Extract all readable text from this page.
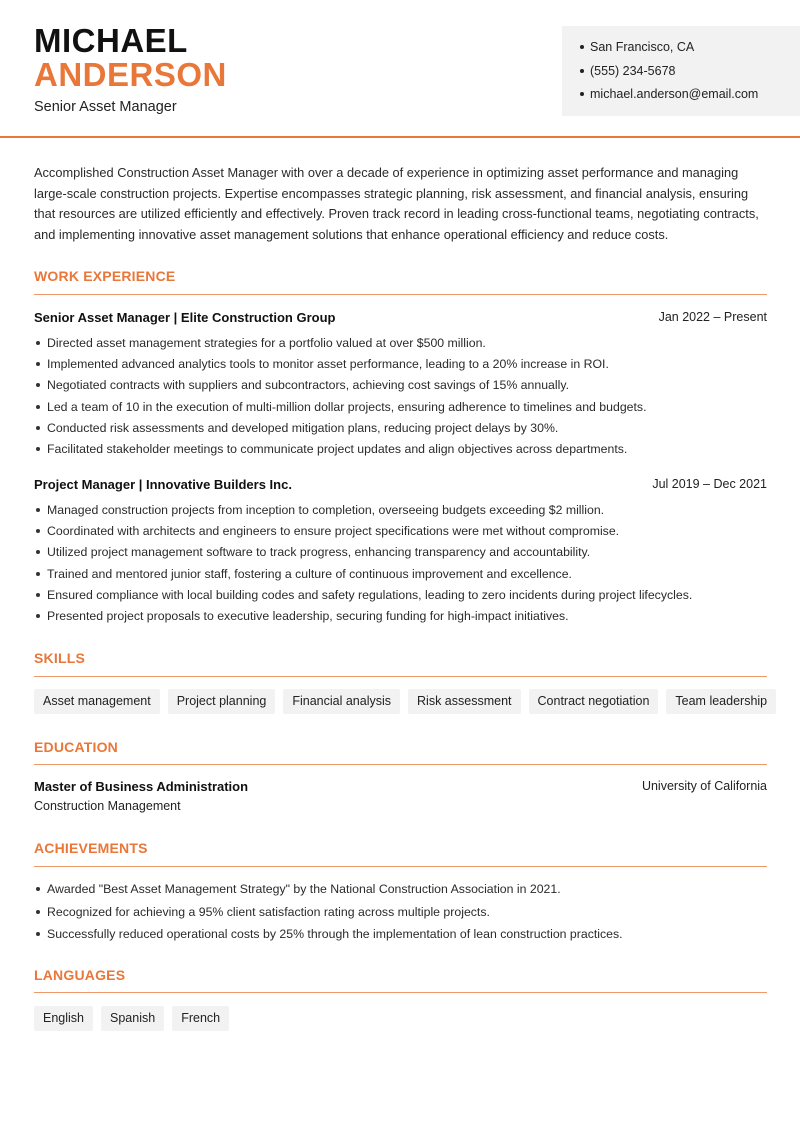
MICHAEL
ANDERSON
Senior Asset Manager
San Francisco, CA
(555) 234-5678
michael.anderson@email.com

Accomplished Construction Asset Manager with over a decade of experience in optimizing asset performance and managing large-scale construction projects. Expertise encompasses strategic planning, risk assessment, and financial analysis, ensuring that resources are utilized efficiently and effectively. Proven track record in leading cross-functional teams, negotiating contracts, and implementing innovative asset management solutions that enhance operational efficiency and reduce costs.

WORK EXPERIENCE
Senior Asset Manager | Elite Construction Group	Jan 2022 – Present
Directed asset management strategies for a portfolio valued at over $500 million.
Implemented advanced analytics tools to monitor asset performance, leading to a 20% increase in ROI.
Negotiated contracts with suppliers and subcontractors, achieving cost savings of 15% annually.
Led a team of 10 in the execution of multi-million dollar projects, ensuring adherence to timelines and budgets.
Conducted risk assessments and developed mitigation plans, reducing project delays by 30%.
Facilitated stakeholder meetings to communicate project updates and align objectives across departments.
Project Manager | Innovative Builders Inc.	Jul 2019 – Dec 2021
Managed construction projects from inception to completion, overseeing budgets exceeding $2 million.
Coordinated with architects and engineers to ensure project specifications were met without compromise.
Utilized project management software to track progress, enhancing transparency and accountability.
Trained and mentored junior staff, fostering a culture of continuous improvement and excellence.
Ensured compliance with local building codes and safety regulations, leading to zero incidents during project lifecycles.
Presented project proposals to executive leadership, securing funding for high-impact initiatives.
SKILLS
Asset management	Project planning	Financial analysis	Risk assessment	Contract negotiation	Team leadership
EDUCATION
Master of Business Administration	University of California
Construction Management
ACHIEVEMENTS
Awarded "Best Asset Management Strategy" by the National Construction Association in 2021.
Recognized for achieving a 95% client satisfaction rating across multiple projects.
Successfully reduced operational costs by 25% through the implementation of lean construction practices.
LANGUAGES
English	Spanish	French
